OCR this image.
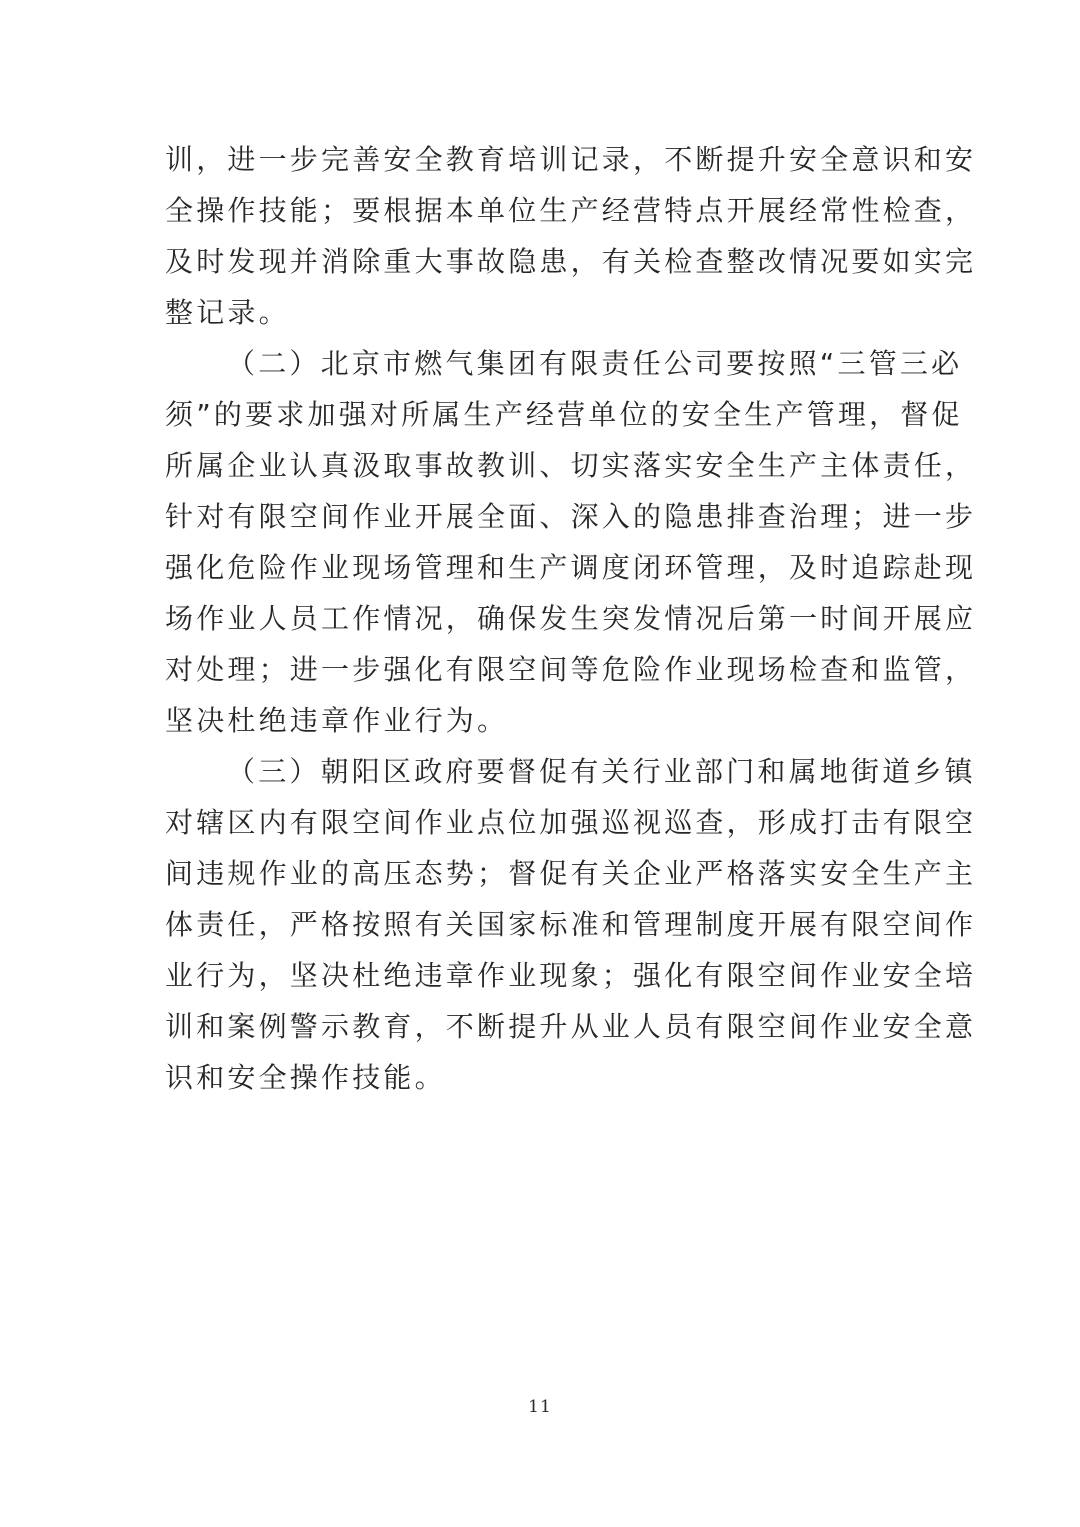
训，进一步完善安全教育培训记录，不断提升安全意识和安
全操作技能；要根据本单位生产经营特点开展经常性检查，
及时发现并消除重大事故隐患，有关检查整改情况要如实完
整记录。

（二）北京市燃气集团有限责任公司要按照“三管三必
须”的要求加强对所属生产经营单位的安全生产管理，督促
所属企业认真汲取事故教训、切实落实安全生产主体责任，
针对有限空间作业开展全面、深入的隐患排查治理；进一步
强化危险作业现场管理和生产调度闭环管理，及时追踪赴现
场作业人员工作情况，确保发生突发情况后第一时间开展应
对处理；进一步强化有限空间等危险作业现场检查和监管，
坚决杜绝违章作业行为。

（三）朝阳区政府要督促有关行业部门和属地街道乡镇
对辖区内有限空间作业点位加强巡视巡查，形成打击有限空
间违规作业的高压态势；督促有关企业严格落实安全生产主
体责任，严格按照有关国家标准和管理制度开展有限空间作
业行为，坚决杜绝违章作业现象；强化有限空间作业安全培
训和案例警示教育，不断提升从业人员有限空间作业安全意
识和安全操作技能。

11
